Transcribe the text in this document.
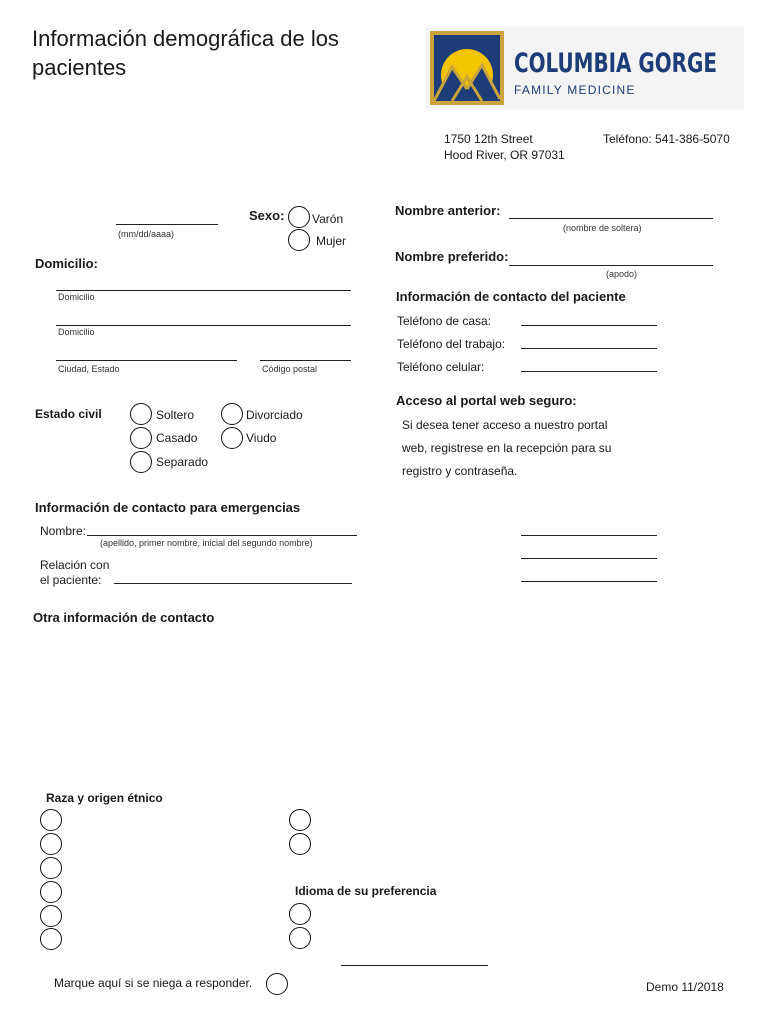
Información demográfica de los pacientes	COLUMBIA GORGE
FAMILY MEDICINE
1750 12th Street
Hood River, OR 97031
Teléfono: 541-386-5070
(mm/dd/aaaa)
Sexo: Varón
Mujer
Domicilio:
Domicilio
Domicilio
Ciudad, Estado	Código postal
Estado civil	Soltero
Casado
Separado
Divorciado
Viudo
Nombre anterior:
(nombre de soltera)
Nombre preferido:
(apodo)
Información de contacto del paciente
Teléfono de casa:
Teléfono del trabajo:
Teléfono celular:
Acceso al portal web seguro:
Si desea tener acceso a nuestro portal
web, registrese en la recepción para su
registro y contraseña.
Información de contacto para emergencias
Nombre:
(apellido, primer nombre, inicial del segundo nombre)
Relación con
el paciente:
Otra información de contacto
Raza y origen étnico
Idioma de su preferencia
Marque aquí si se niega a responder.	Demo 11/2018
